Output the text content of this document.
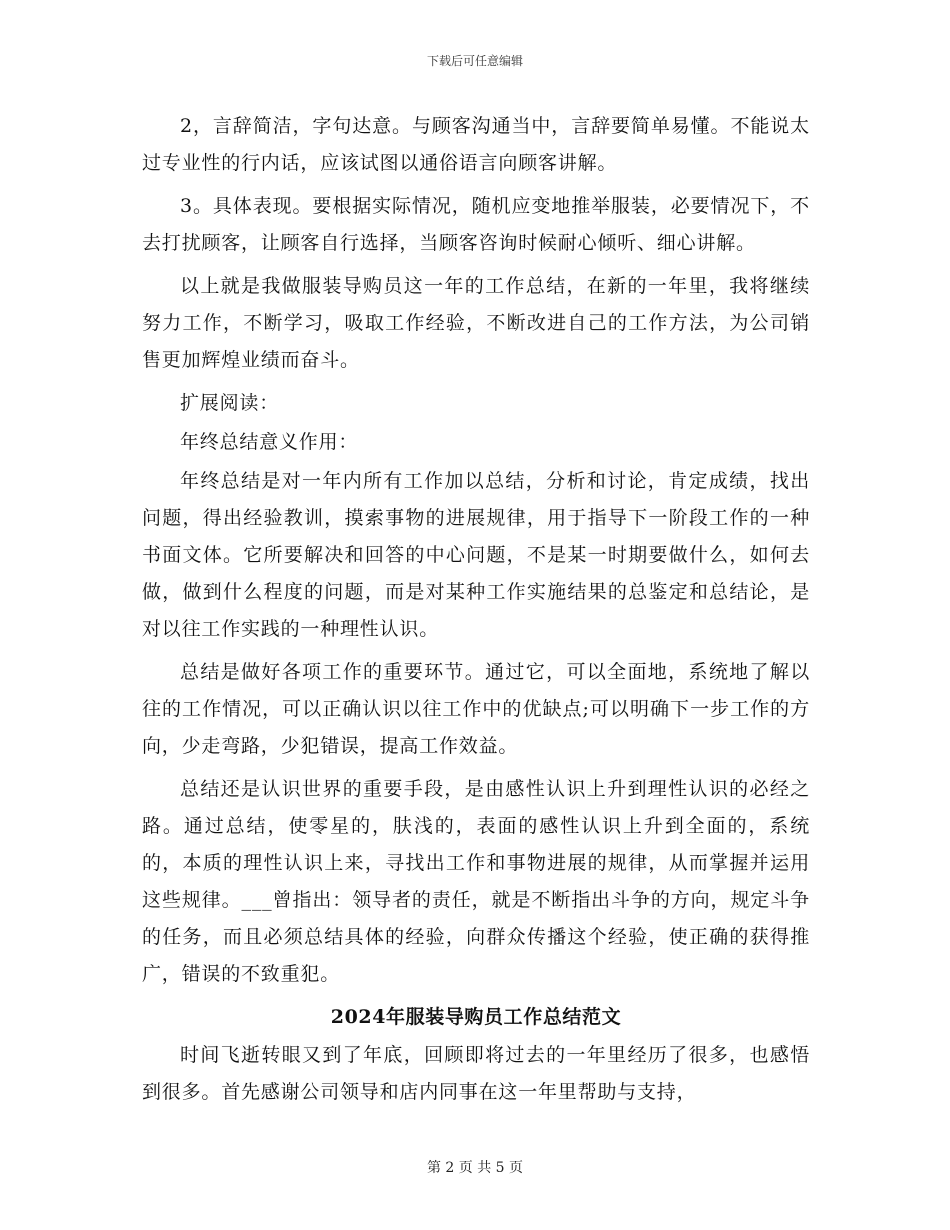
下载后可任意编辑

2，言辞简洁，字句达意。与顾客沟通当中，言辞要简单易懂。不能说太过专业性的行内话，应该试图以通俗语言向顾客讲解。

3。具体表现。要根据实际情况，随机应变地推举服装，必要情况下，不去打扰顾客，让顾客自行选择，当顾客咨询时候耐心倾听、细心讲解。

以上就是我做服装导购员这一年的工作总结，在新的一年里，我将继续努力工作，不断学习，吸取工作经验，不断改进自己的工作方法，为公司销售更加辉煌业绩而奋斗。

扩展阅读：

年终总结意义作用：

年终总结是对一年内所有工作加以总结，分析和讨论，肯定成绩，找出问题，得出经验教训，摸索事物的进展规律，用于指导下一阶段工作的一种书面文体。它所要解决和回答的中心问题，不是某一时期要做什么，如何去做，做到什么程度的问题，而是对某种工作实施结果的总鉴定和总结论，是对以往工作实践的一种理性认识。

总结是做好各项工作的重要环节。通过它，可以全面地，系统地了解以往的工作情况，可以正确认识以往工作中的优缺点;可以明确下一步工作的方向，少走弯路，少犯错误，提高工作效益。

总结还是认识世界的重要手段，是由感性认识上升到理性认识的必经之路。通过总结，使零星的，肤浅的，表面的感性认识上升到全面的，系统的，本质的理性认识上来，寻找出工作和事物进展的规律，从而掌握并运用这些规律。___曾指出：领导者的责任，就是不断指出斗争的方向，规定斗争的任务，而且必须总结具体的经验，向群众传播这个经验，使正确的获得推广，错误的不致重犯。

2024年服装导购员工作总结范文

时间飞逝转眼又到了年底，回顾即将过去的一年里经历了很多，也感悟到很多。首先感谢公司领导和店内同事在这一年里帮助与支持，

第 2 页 共 5 页
